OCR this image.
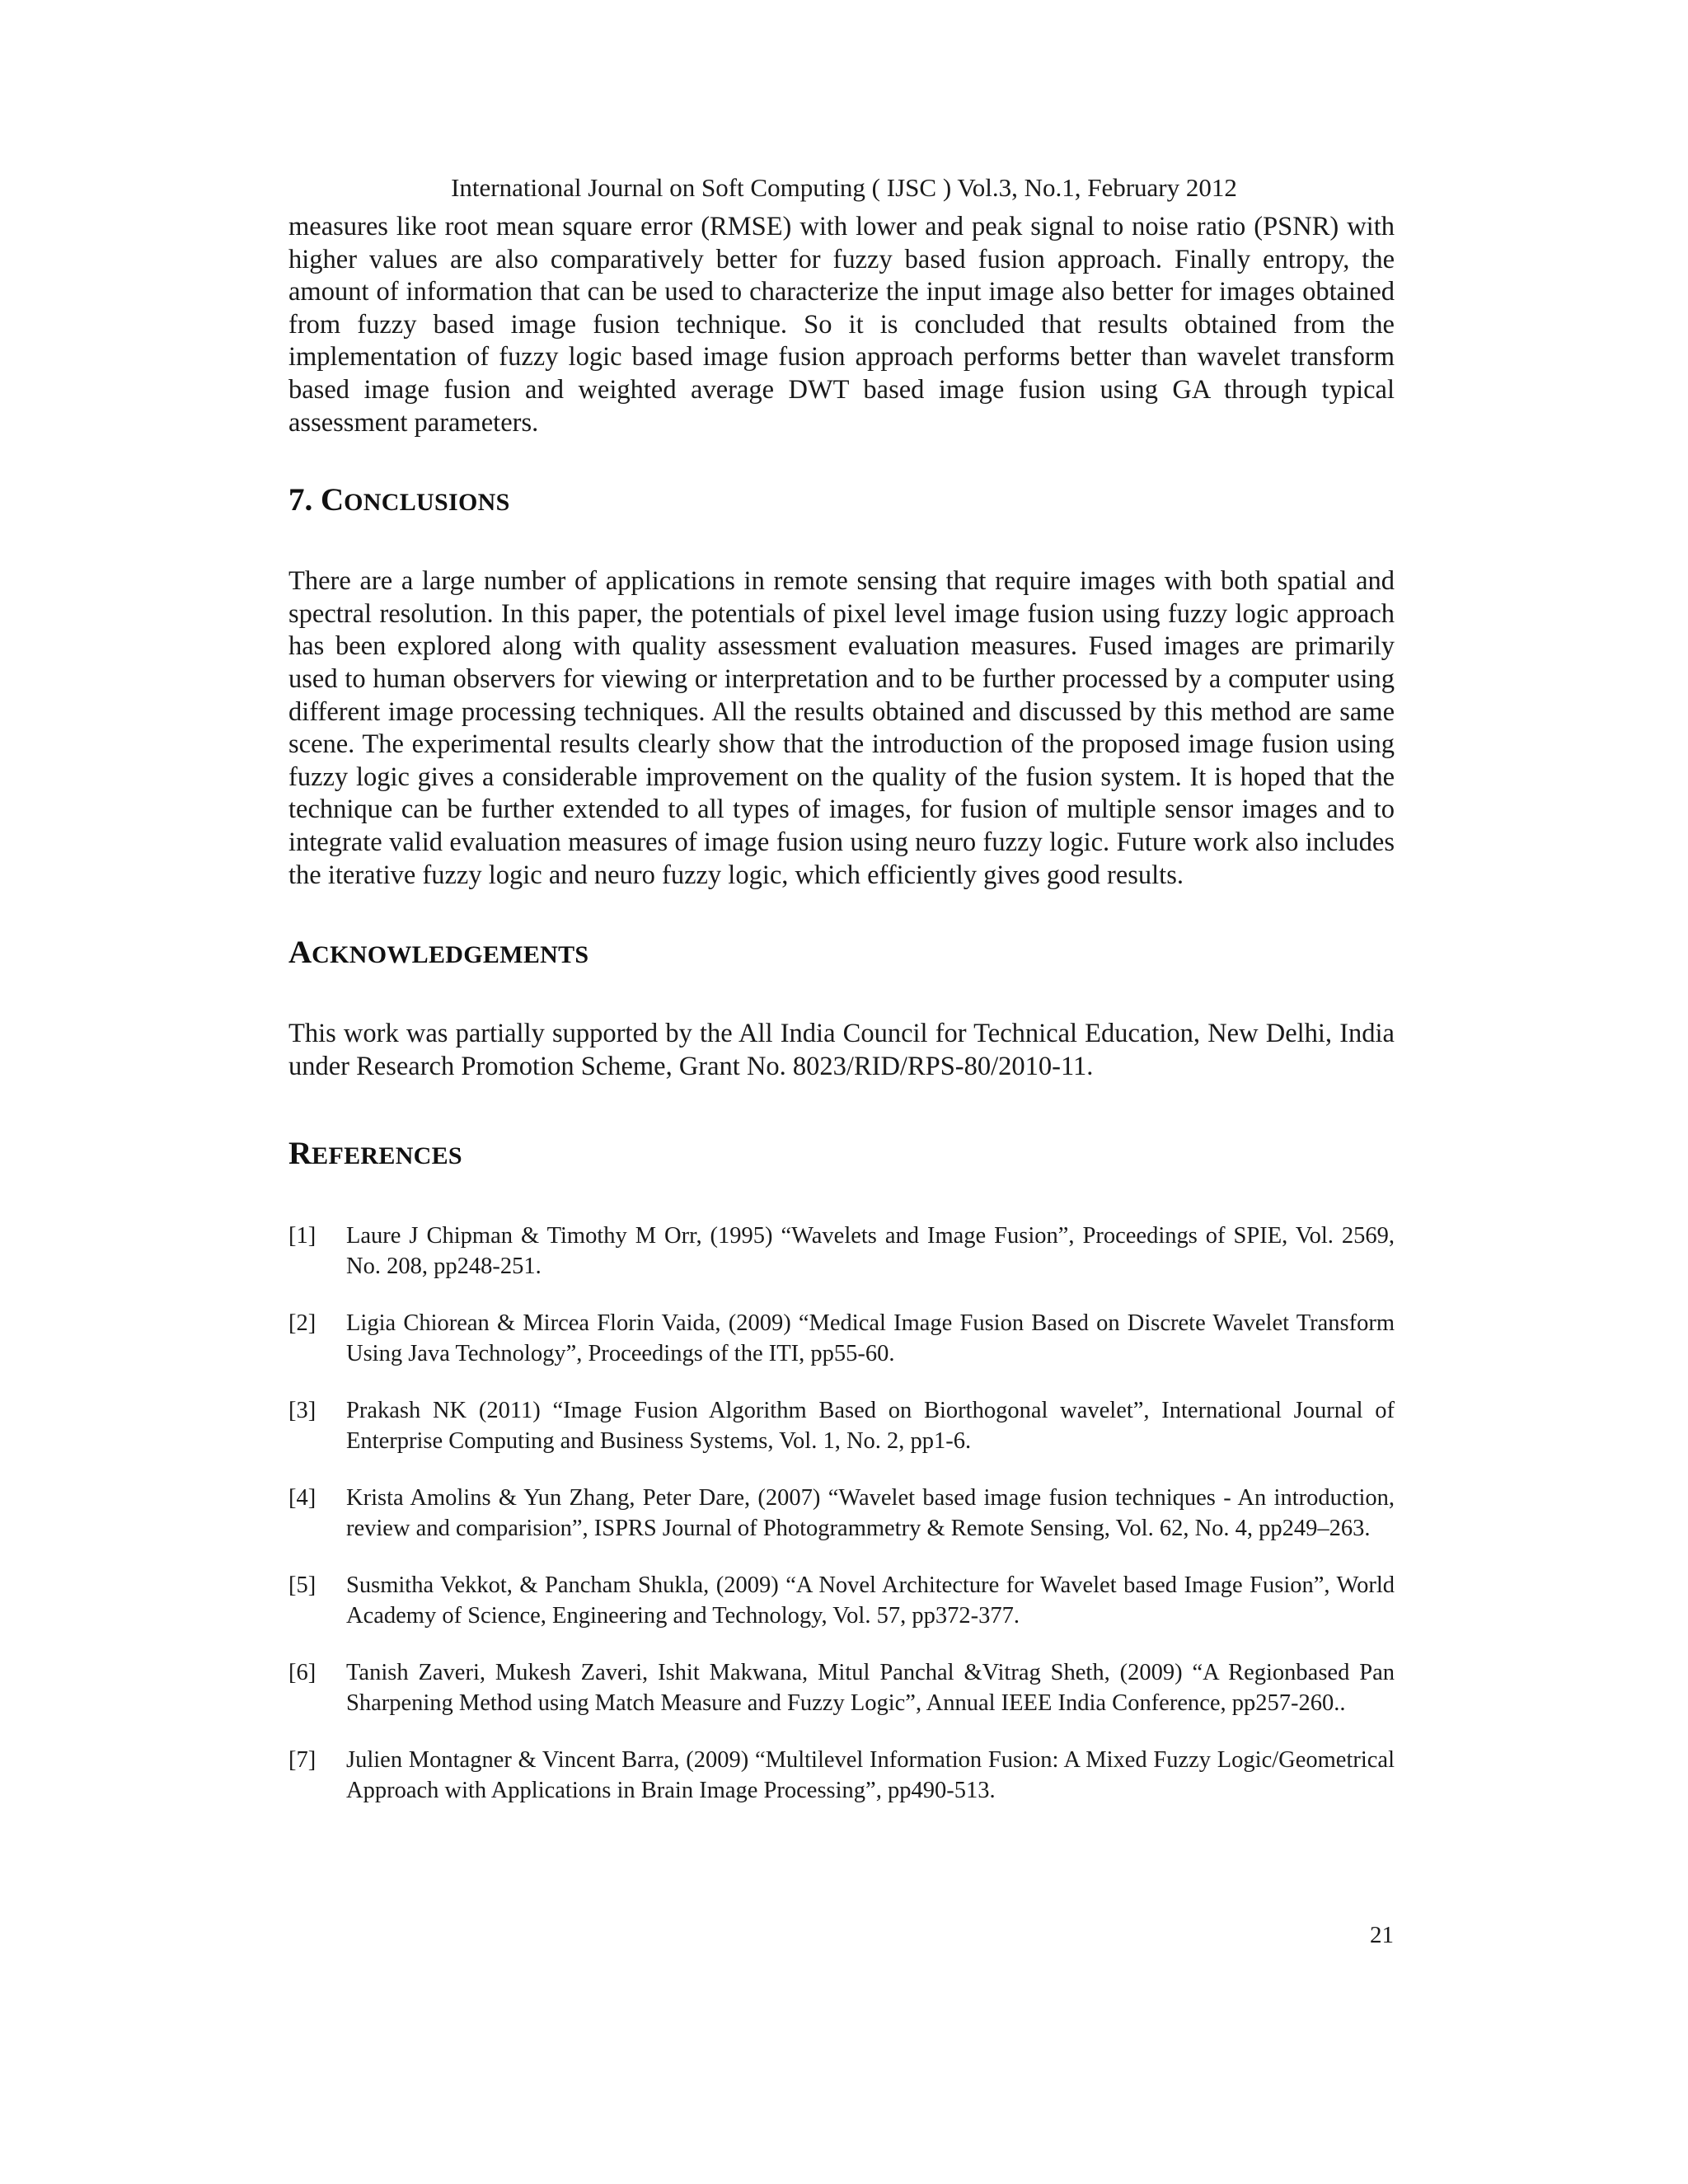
International Journal on Soft Computing ( IJSC ) Vol.3, No.1, February 2012

measures like root mean square error (RMSE) with lower and peak signal to noise ratio (PSNR) with higher values are also comparatively better for fuzzy based fusion approach. Finally entropy, the amount of information that can be used to characterize the input image also better for images obtained from fuzzy based image fusion technique. So it is concluded that results obtained from the implementation of fuzzy logic based image fusion approach performs better than wavelet transform based image fusion and weighted average DWT based image fusion using GA through typical assessment parameters.

7. CONCLUSIONS

There are a large number of applications in remote sensing that require images with both spatial and spectral resolution. In this paper, the potentials of pixel level image fusion using fuzzy logic approach has been explored along with quality assessment evaluation measures. Fused images are primarily used to human observers for viewing or interpretation and to be further processed by a computer using different image processing techniques. All the results obtained and discussed by this method are same scene. The experimental results clearly show that the introduction of the proposed image fusion using fuzzy logic gives a considerable improvement on the quality of the fusion system. It is hoped that the technique can be further extended to all types of images, for fusion of multiple sensor images and to integrate valid evaluation measures of image fusion using neuro fuzzy logic. Future work also includes the iterative fuzzy logic and neuro fuzzy logic, which efficiently gives good results.

ACKNOWLEDGEMENTS

This work was partially supported by the All India Council for Technical Education, New Delhi, India under Research Promotion Scheme, Grant No. 8023/RID/RPS-80/2010-11.

REFERENCES
[1]	Laure J Chipman & Timothy M Orr, (1995) “Wavelets and Image Fusion”, Proceedings of SPIE, Vol. 2569, No. 208, pp248-251.
[2]	Ligia Chiorean & Mircea Florin Vaida, (2009) “Medical Image Fusion Based on Discrete Wavelet Transform Using Java Technology”, Proceedings of the ITI, pp55-60.
[3]	Prakash NK (2011) “Image Fusion Algorithm Based on Biorthogonal wavelet”, International Journal of Enterprise Computing and Business Systems, Vol. 1, No. 2, pp1-6.
[4]	Krista Amolins & Yun Zhang, Peter Dare, (2007) “Wavelet based image fusion techniques - An introduction, review and comparision”, ISPRS Journal of Photogrammetry & Remote Sensing, Vol. 62, No. 4, pp249–263.
[5]	Susmitha Vekkot, & Pancham Shukla, (2009) “A Novel Architecture for Wavelet based Image Fusion”, World Academy of Science, Engineering and Technology, Vol. 57, pp372-377.
[6]	Tanish Zaveri, Mukesh Zaveri, Ishit Makwana, Mitul Panchal &Vitrag Sheth, (2009) “A Regionbased Pan Sharpening Method using Match Measure and Fuzzy Logic”, Annual IEEE India Conference, pp257-260..
[7]	Julien Montagner & Vincent Barra, (2009) “Multilevel Information Fusion: A Mixed Fuzzy Logic/Geometrical Approach with Applications in Brain Image Processing”, pp490-513.
21
